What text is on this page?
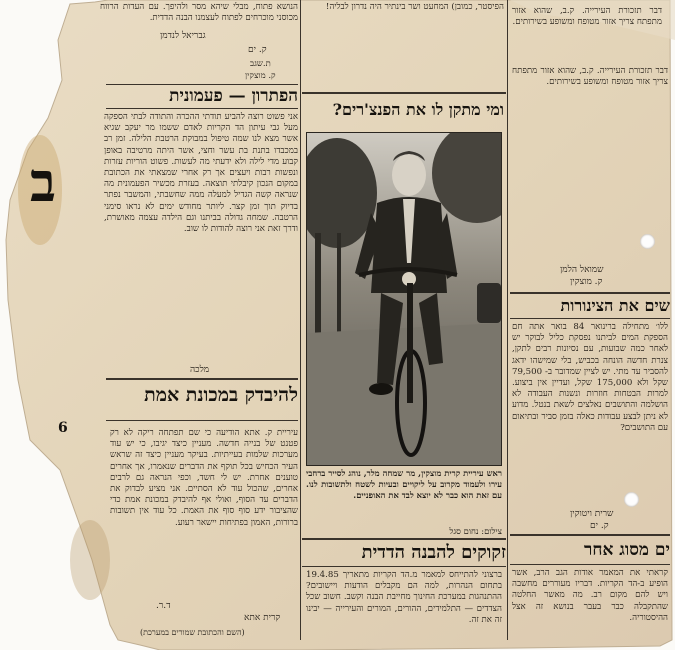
ב
6
הנושא פתוח, מבלי שיהא מסר ולהיפך. עם העדות הרווח מכוסני מוכרחים לפתוח לעצמנו הבנה הדדית.
גבריאל לנדמן
ק. ים
הפיסטר, כמובן) המחעט ושר בינתיר היה נדרון לבליה! דבר תזכורת העירייה. ק.ב, שהוא אזור מתפתח צריך אזור מטופח ומשופע בשירותים.
ת.שגב
ק. מוצקין
הפתרון — פעמונית
אני פשוט רוצה להביע תודתי ההכרה והתודה לבתי הספקה מעל גבי עיתון הד הקריות לאדם ששמו מר יעקב שגיא אשר מצא לנו שמה טיפול במבוקת הרטבת הלילה. זמן רב במכבדו בתנת בת עשר וחצי, אשר היתה מרטיבה באופן קבוע מדי לילה ולא ידעתי מה לעשות. פשוט הוריות עזרות ונפשות רבות ויעצים אך רק אחרי שמצאתי את הכתובת במקום הנכון קיבלתי תוצאה. בעזרת מכשיר הפעמונית מה שנראה קשה הגדיל למעלה ממה שחשבתי, והמשבר נפתר בדיוק תוך זמן קצר. ליותר מחודש ימים לא נראו סימני הרטבה. שמחה גדולה בביתנו וגם הילדה עצמה מאושרת, ודרך זאת אני רוצה להודות לו שוב.
מלכה
להיבדק במכונת אמת
עיריית ק. אתא הודיעה כי שם תפתחה ריקה לא רק פטנט של בנייה חדשה. מעניין כיצד יגיבו, כי יש עוד מערכות שלמות בעייתיות. בעיקר מעניין כיצד זה שראש העיר הכחיש בכל תוקף את הדברים שנאמרו, אך אחרים טוענים אחרת. יש לי חשד, וכפי הנראה גם לרבים אחרים, שהכול עוד לא הסתיים. אני מציע לבדוק את הדברים עד הסוף, ואולי אף להיבדק במכונת אמת כדי שהציבור ידע סוף סוף את האמת. כל עוד אין תשובות ברורות, האמון בפתיחות יישאר רעוע.
ד.ר.
קרית אתא
(השם והכתובת שמורים במערכת)
ומי מתקן לו את הפנצ'רים?
ראש עיריית קרית מוצקין, מר שמחה מלר, נוהג לסייר ברחבי עירו ולעמוד מקרוב על ליקויים ובעיות לשטח ולתשובות לנו. עם זאת הוא כבר לא יוצא לבד את האופניים.
צילום: נחום סגל
זקוקים להבנה הדדית
ברצוני להתייחס למאמר מ.הד הקריות מתאריך 19.4.85 בתחום הנהרות, למה הם מקבלים הודעות ויישובים? ההתנהגות במערכת החינוך מחייבת הבנה וקשב. חשוב שכל הצדדים — התלמידים, ההורים, המורים והעירייה — יבינו זה את זה.
שמואל הלמן
ק. מוצקין
שים את הצינורות
דבר תזכורת העירייה. ק.ב, שהוא אזור מתפתח צריך אזור מטופח ומשופע בשירותים.
ללו׳ מתחילה ברינואר 84 בואר אתה חם הספקת המים לביתנו נפסקת כליל לבוקר יש לאחר כמה שבועות, עם נסיונות רבים לתקן, צנרת חדשה הונחה בכביש, בלי שמישהו ידאג להסביר עד מתי. יש לציין שמדובר ב- 79,500 שקל ולא 175,000 שקל, ועדיין אין ביצוע. למרות הבטחות חוזרות ונשנות העבודה לא הושלמה והתושבים נאלצים לשאת בנטל. מדוע לא ניתן לבצע עבודות כאלה בזמן סביר ובתיאום עם התושבים?
שרית ויטוקין
ק. ים
ים מסוג אחר
קראתי את המאמר אודות הגב הרב, אשר הופיע ב-הד הקריות. דבריו מעוררים מחשבה ויש להם מקום רב. מה מאשר החלטה שהתקבלה כבר בעבר בנושא זה אצל ההיסטוריה.
